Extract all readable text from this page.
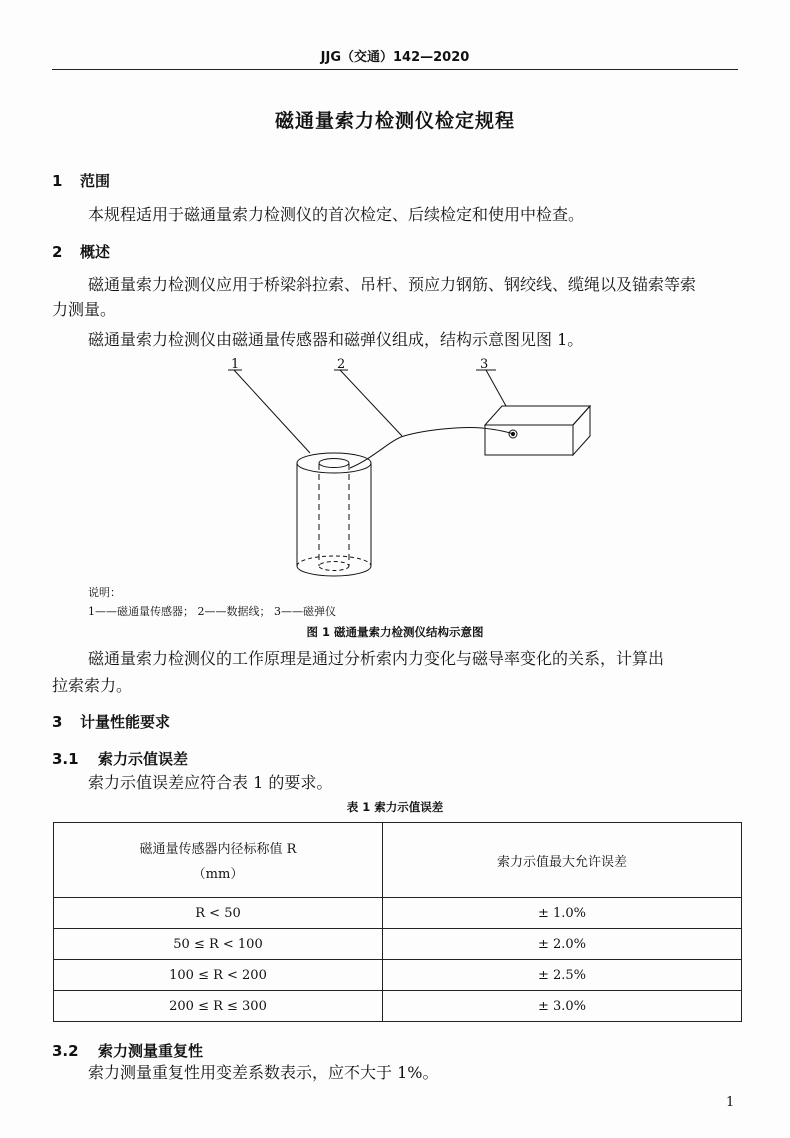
JJG（交通）142—2020
磁通量索力检测仪检定规程
1 范围
本规程适用于磁通量索力检测仪的首次检定、后续检定和使用中检查。
2 概述
磁通量索力检测仪应用于桥梁斜拉索、吊杆、预应力钢筋、钢绞线、缆绳以及锚索等索
力测量。
磁通量索力检测仪由磁通量传感器和磁弹仪组成，结构示意图见图 1。
1	2	3
说明：
1——磁通量传感器； 2——数据线； 3——磁弹仪
图 1 磁通量索力检测仪结构示意图
磁通量索力检测仪的工作原理是通过分析索内力变化与磁导率变化的关系，计算出
拉索索力。
3 计量性能要求
3.1 索力示值误差
索力示值误差应符合表 1 的要求。
表 1 索力示值误差
磁通量传感器内径标称值 R
（mm）	索力示值最大允许误差
R < 50	± 1.0%
50 ≤ R < 100	± 2.0%
100 ≤ R < 200	± 2.5%
200 ≤ R ≤ 300	± 3.0%
3.2 索力测量重复性
索力测量重复性用变差系数表示，应不大于 1%。
1
